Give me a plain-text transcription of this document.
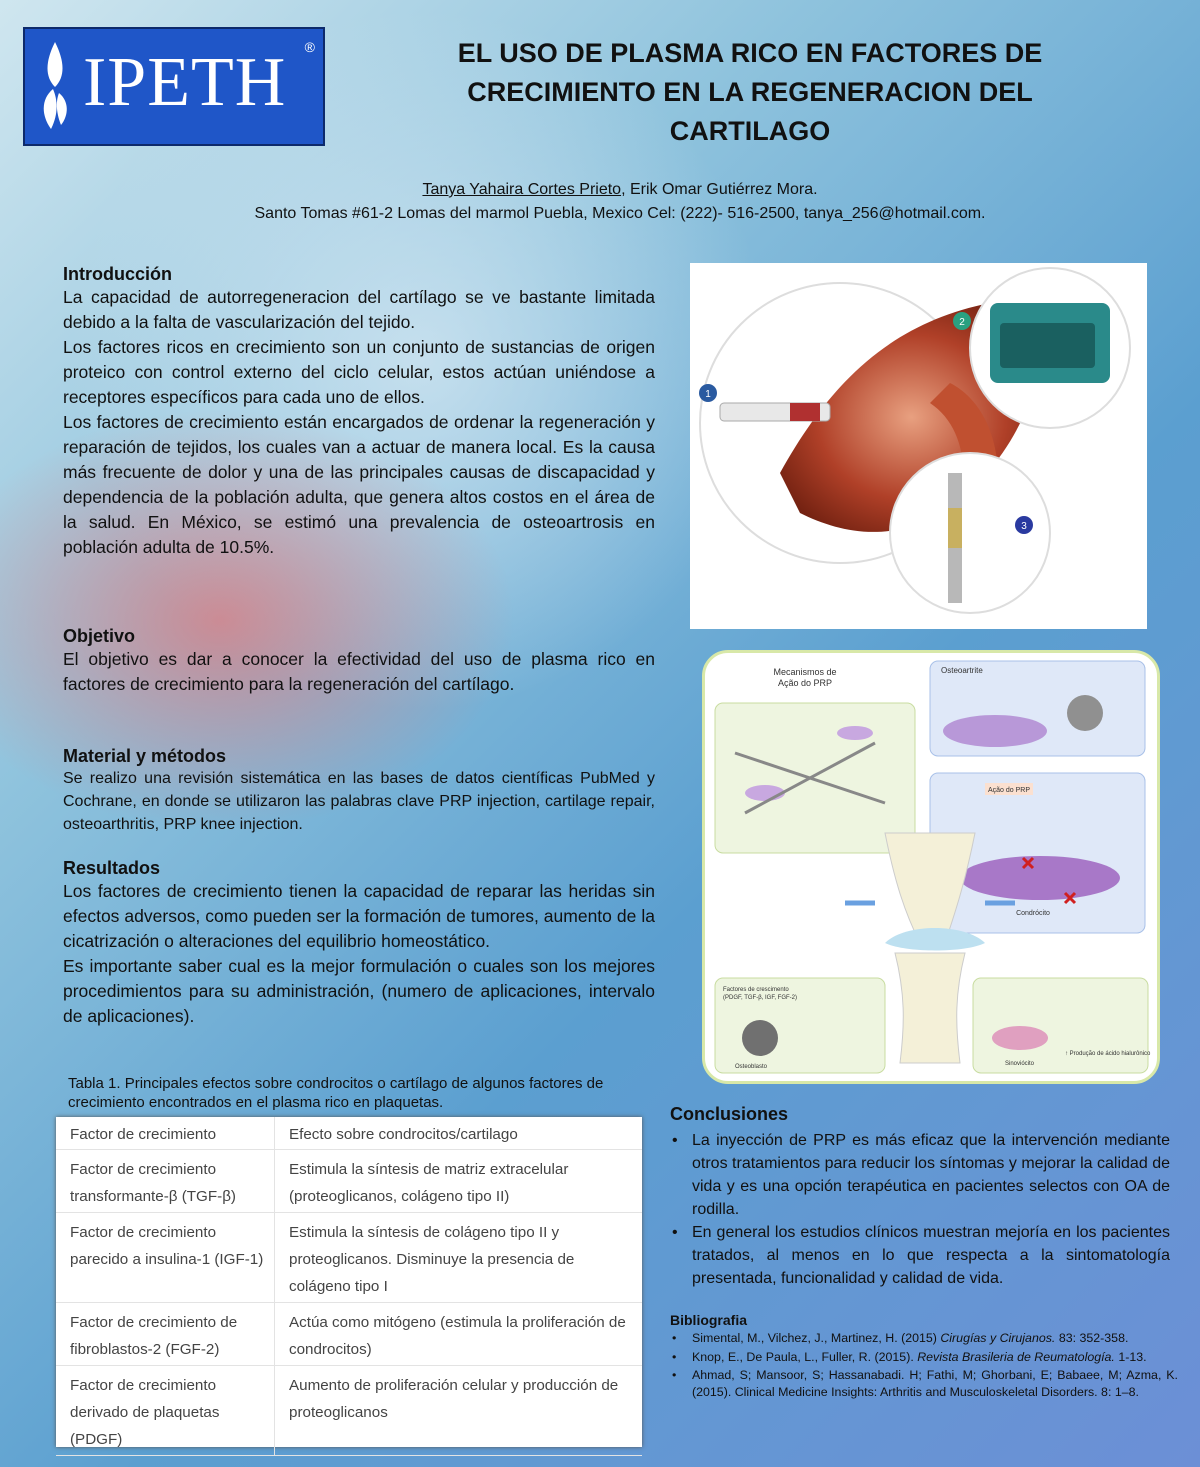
IPETH ®	EL USO DE PLASMA RICO EN FACTORES DE CRECIMIENTO EN LA REGENERACION DEL CARTILAGO
Tanya Yahaira Cortes Prieto, Erik Omar Gutiérrez Mora.
Santo Tomas #61-2 Lomas del marmol Puebla, Mexico Cel: (222)- 516-2500, tanya_256@hotmail.com.
Introducción

La capacidad de autorregeneracion del cartílago se ve bastante limitada debido a la falta de vascularización del tejido.

Los factores ricos en crecimiento son un conjunto de sustancias de origen proteico con control externo del ciclo celular, estos actúan uniéndose a receptores específicos para cada uno de ellos.

Los factores de crecimiento están encargados de ordenar la regeneración y reparación de tejidos, los cuales van a actuar de manera local. Es la causa más frecuente de dolor y una de las principales causas de discapacidad y dependencia de la población adulta, que genera altos costos en el área de la salud. En México, se estimó una prevalencia de osteoartrosis en población adulta de 10.5%.

Objetivo

El objetivo es dar a conocer la efectividad del uso de plasma rico en factores de crecimiento para la regeneración del cartílago.

Material y métodos

Se realizo una revisión sistemática en las bases de datos científicas PubMed y Cochrane, en donde se utilizaron las palabras clave PRP injection, cartilage repair, osteoarthritis, PRP knee injection.

Resultados

Los factores de crecimiento tienen la capacidad de reparar las heridas sin efectos adversos, como pueden ser la formación de tumores, aumento de la cicatrización o alteraciones del equilibrio homeostático.

Es importante saber cual es la mejor formulación o cuales son los mejores procedimientos para su administración, (numero de aplicaciones, intervalo de aplicaciones).

1
2
3
Mecanismos de
Ação do PRP
Osteoartrite
Ação do PRP
Condrócito
Factores de crescimento
(PDGF, TGF-β, IGF, FGF-2)
Osteoblasto	Sinoviócito
↑ Produção de ácido hialurônico
Tabla 1. Principales efectos sobre condrocitos o cartílago de algunos factores de crecimiento encontrados en el plasma rico en plaquetas.
Factor de crecimiento	Efecto sobre condrocitos/cartilago
Factor de crecimiento transformante-β (TGF-β)	Estimula la síntesis de matriz extracelular (proteoglicanos, colágeno tipo II)
Factor de crecimiento parecido a insulina-1 (IGF-1)	Estimula la síntesis de colágeno tipo II y proteoglicanos. Disminuye la presencia de colágeno tipo I
Factor de crecimiento de fibroblastos-2 (FGF-2)	Actúa como mitógeno (estimula la proliferación de condrocitos)
Factor de crecimiento derivado de plaquetas (PDGF)	Aumento de proliferación celular y producción de proteoglicanos
Conclusiones
• La inyección de PRP es más eficaz que la intervención mediante otros tratamientos para reducir los síntomas y mejorar la calidad de vida y es una opción terapéutica en pacientes selectos con OA de rodilla.
• En general los estudios clínicos muestran mejoría en los pacientes tratados, al menos en lo que respecta a la sintomatología presentada, funcionalidad y calidad de vida.
Bibliografia
• Simental, M., Vilchez, J., Martinez, H. (2015) Cirugías y Cirujanos. 83: 352-358.
• Knop, E., De Paula, L., Fuller, R. (2015). Revista Brasileria de Reumatología. 1-13.
• Ahmad, S; Mansoor, S; Hassanabadi. H; Fathi, M; Ghorbani, E; Babaee, M; Azma, K. (2015). Clinical Medicine Insights: Arthritis and Musculoskeletal Disorders. 8: 1–8.
